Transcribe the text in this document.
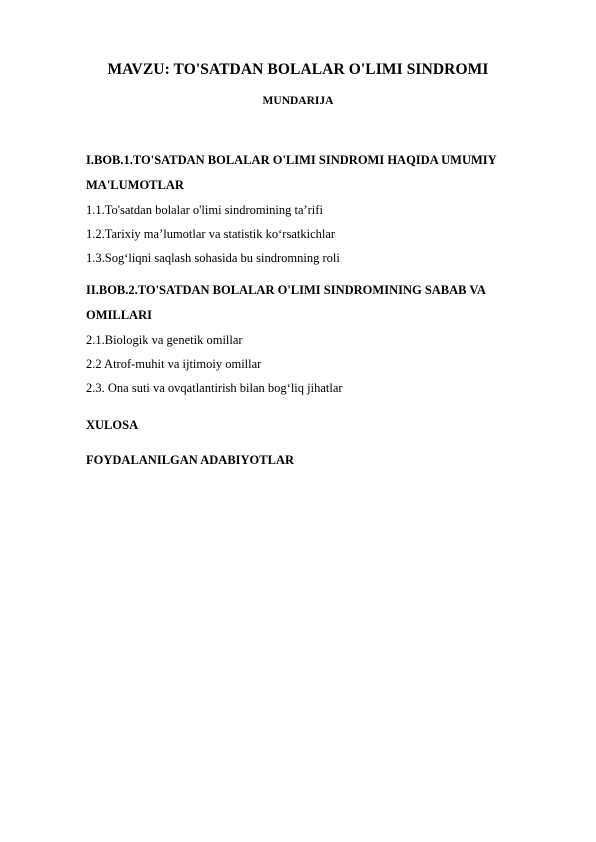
MAVZU: TO'SATDAN BOLALAR O'LIMI SINDROMI
MUNDARIJA

I.BOB.1.TO'SATDAN BOLALAR O'LIMI SINDROMI HAQIDA UMUMIY

MA'LUMOTLAR

1.1.To'satdan bolalar o'limi sindromining ta’rifi

1.2.Tarixiy ma’lumotlar va statistik ko‘rsatkichlar

1.3.Sog‘liqni saqlash sohasida bu sindromning roli

II.BOB.2.TO'SATDAN BOLALAR O'LIMI SINDROMINING SABAB VA

OMILLARI

2.1.Biologik va genetik omillar

2.2 Atrof-muhit va ijtimoiy omillar

2.3. Ona suti va ovqatlantirish bilan bog‘liq jihatlar

XULOSA

FOYDALANILGAN ADABIYOTLAR
